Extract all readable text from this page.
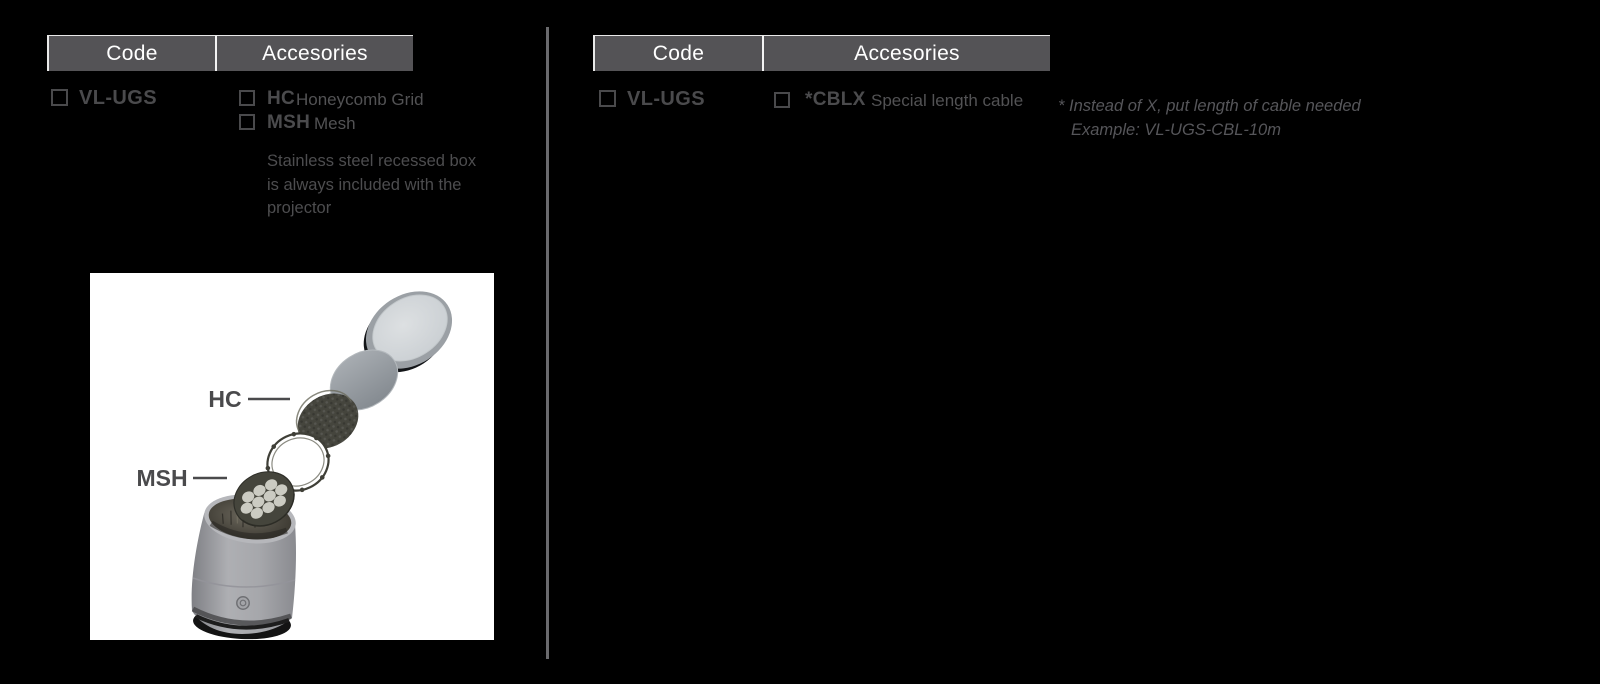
Code	Accesories
VL-UGS	HC Honeycomb Grid
MSH Mesh
Stainless steel recessed box
is always included with the
projector
HC
MSH
Code	Accesories
VL-UGS	*CBLX Special length cable * Instead of X, put length of cable needed
Example: VL-UGS-CBL-10m
